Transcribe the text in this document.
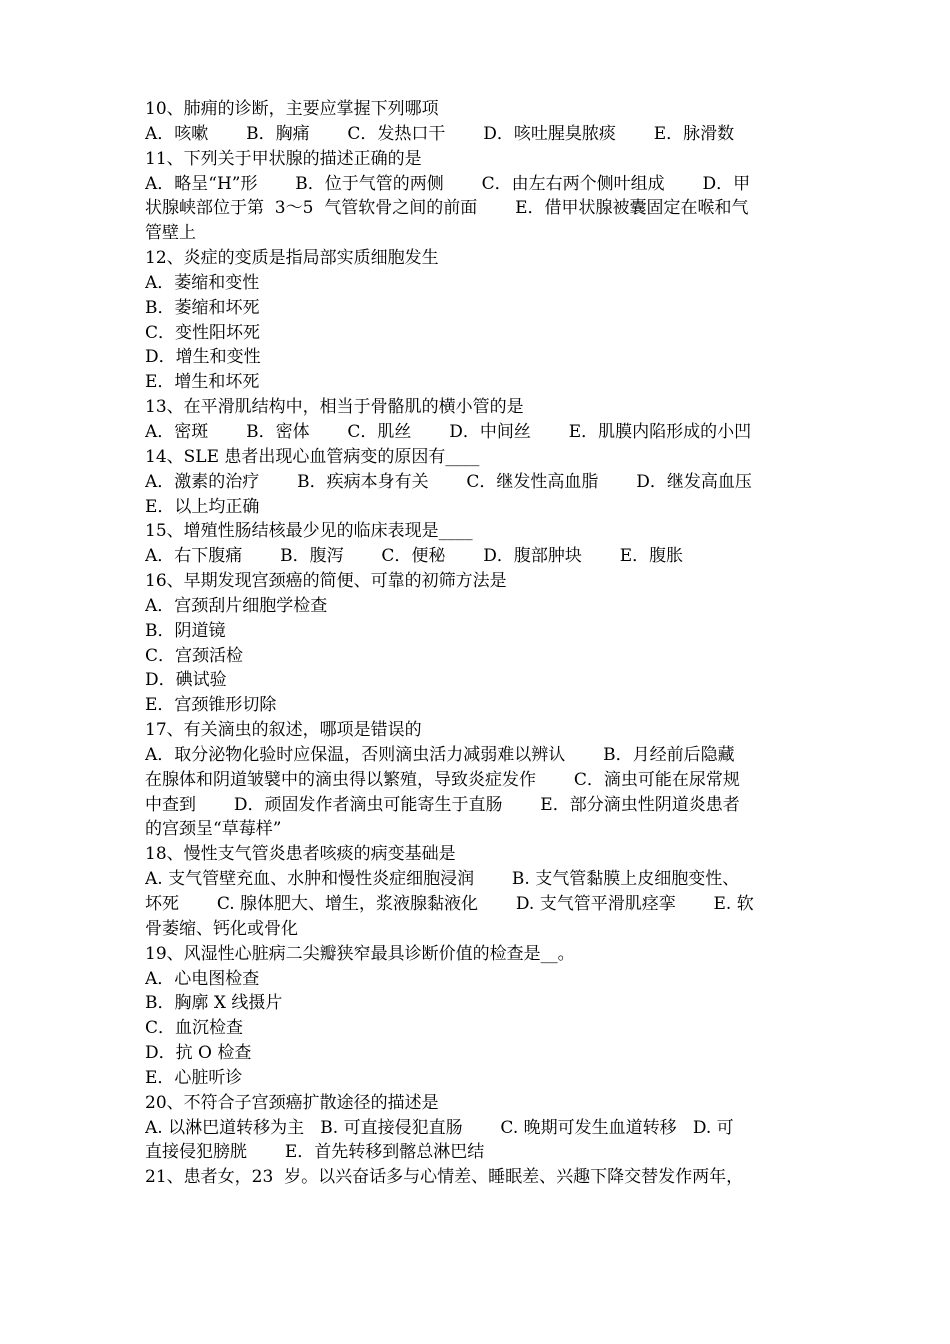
10、肺痈的诊断，主要应掌握下列哪项
A．咳嗽       B．胸痛       C．发热口干       D．咳吐腥臭脓痰       E．脉滑数
11、下列关于甲状腺的描述正确的是
A．略呈“H”形       B．位于气管的两侧       C．由左右两个侧叶组成       D．甲
状腺峡部位于第  3～5  气管软骨之间的前面       E．借甲状腺被囊固定在喉和气
管壁上
12、炎症的变质是指局部实质细胞发生
A．萎缩和变性
B．萎缩和坏死
C．变性阳坏死
D．增生和变性
E．增生和坏死
13、在平滑肌结构中，相当于骨骼肌的横小管的是
A．密斑       B．密体       C．肌丝       D．中间丝       E．肌膜内陷形成的小凹
14、SLE 患者出现心血管病变的原因有____
A．激素的治疗       B．疾病本身有关       C．继发性高血脂       D．继发高血压
E．以上均正确
15、增殖性肠结核最少见的临床表现是____
A．右下腹痛       B．腹泻       C．便秘       D．腹部肿块       E．腹胀
16、早期发现宫颈癌的简便、可靠的初筛方法是
A．宫颈刮片细胞学检查
B．阴道镜
C．宫颈活检
D．碘试验
E．宫颈锥形切除
17、有关滴虫的叙述，哪项是错误的
A．取分泌物化验时应保温，否则滴虫活力减弱难以辨认       B．月经前后隐藏
在腺体和阴道皱襞中的滴虫得以繁殖，导致炎症发作       C．滴虫可能在尿常规
中查到       D．顽固发作者滴虫可能寄生于直肠       E．部分滴虫性阴道炎患者
的宫颈呈“草莓样”
18、慢性支气管炎患者咳痰的病变基础是
A. 支气管壁充血、水肿和慢性炎症细胞浸润       B. 支气管黏膜上皮细胞变性、
坏死       C. 腺体肥大、增生，浆液腺黏液化       D. 支气管平滑肌痉挛       E. 软
骨萎缩、钙化或骨化
19、风湿性心脏病二尖瓣狭窄最具诊断价值的检查是__。
A．心电图检查
B．胸廓 X 线摄片
C．血沉检查
D．抗 O 检查
E．心脏听诊
20、不符合子宫颈癌扩散途径的描述是
A. 以淋巴道转移为主   B. 可直接侵犯直肠       C. 晚期可发生血道转移   D. 可
直接侵犯膀胱       E．首先转移到髂总淋巴结
21、患者女，23  岁。以兴奋话多与心情差、睡眠差、兴趣下降交替发作两年，
